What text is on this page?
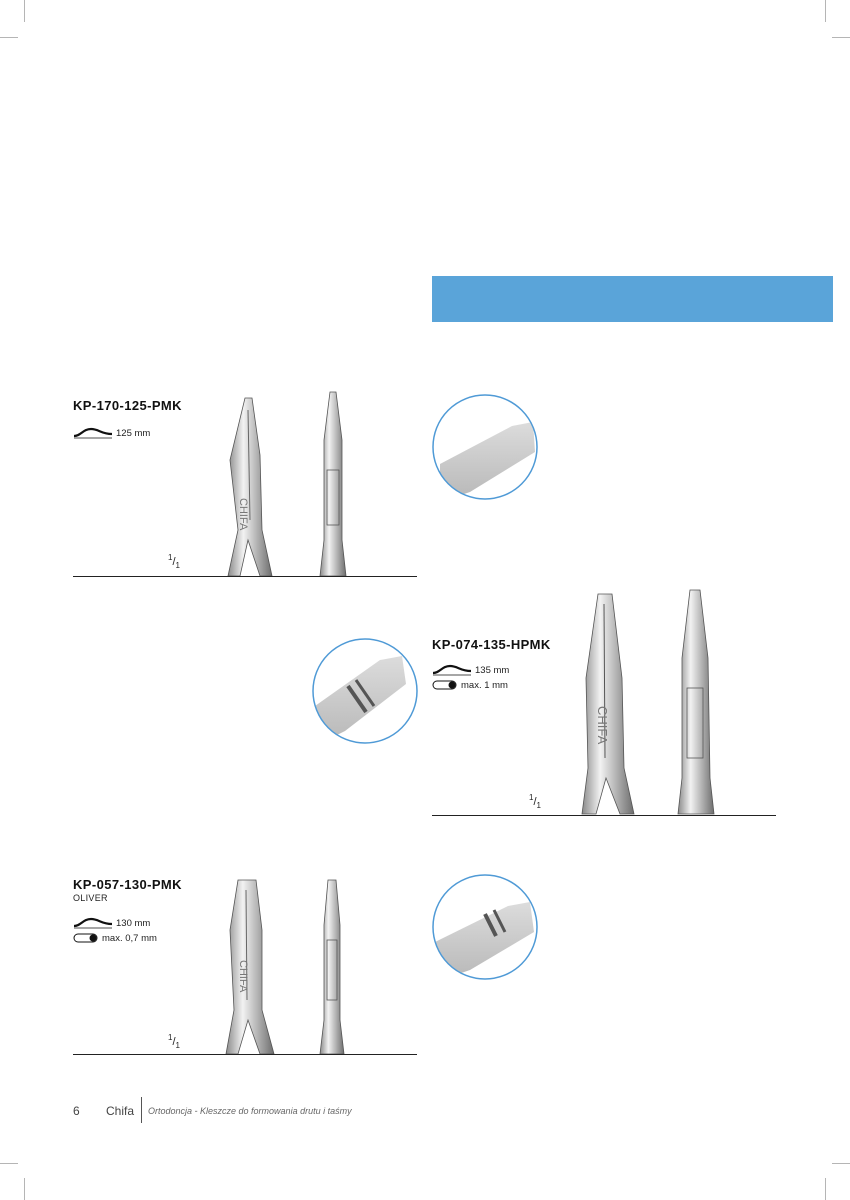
KP-170-125-PMK
125 mm
$^1/_1$
CHIFA
KP-074-135-HPMK
135 mm
max. 1 mm
$^1/_1$
CHIFA
KP-057-130-PMK
OLIVER
130 mm
max. 0,7 mm
$^1/_1$
CHIFA
6 Chifa Ortodoncja - Kleszcze do formowania drutu i taśmy
